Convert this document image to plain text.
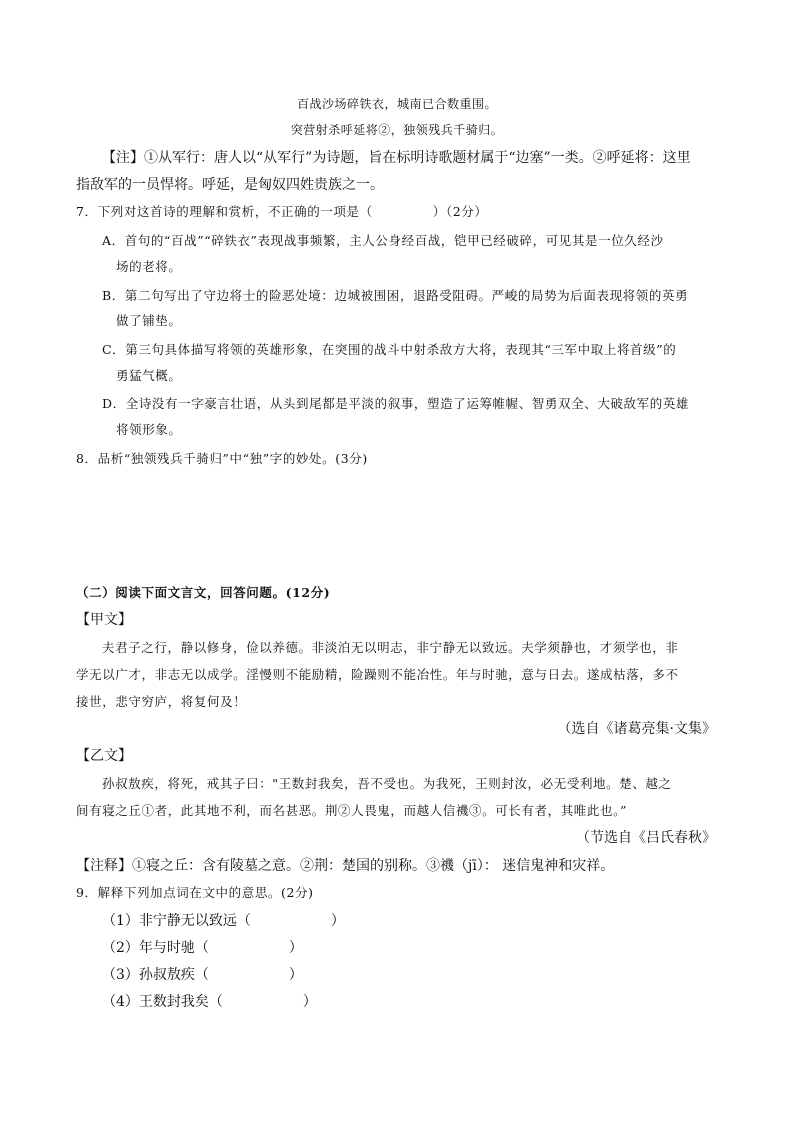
百战沙场碎铁衣，城南已合数重围。
突营射杀呼延将②，独领残兵千骑归。
【注】①从军行：唐人以“从军行”为诗题，旨在标明诗歌题材属于“边塞”一类。②呼延将：这里
指敌军的一员悍将。呼延，是匈奴四姓贵族之一。
7．下列对这首诗的理解和赏析，不正确的一项是（	）（2分）
A．首句的“百战”“碎铁衣”表现战事频繁，主人公身经百战，铠甲已经破碎，可见其是一位久经沙
场的老将。
B．第二句写出了守边将士的险恶处境：边城被围困，退路受阻碍。严峻的局势为后面表现将领的英勇
做了铺垫。
C．第三句具体描写将领的英雄形象，在突围的战斗中射杀敌方大将，表现其“三军中取上将首级”的
勇猛气概。
D．全诗没有一字豪言壮语，从头到尾都是平淡的叙事，塑造了运筹帷幄、智勇双全、大破敌军的英雄
将领形象。
8．品析“独领残兵千骑归”中“独”字的妙处。(3分)
（二）阅读下面文言文，回答问题。(12分)
【甲文】
夫君子之行，静以修身，俭以养德。非淡泊无以明志，非宁静无以致远。夫学须静也，才须学也，非
学无以广才，非志无以成学。淫慢则不能励精，险躁则不能冶性。年与时驰，意与日去。遂成枯落，多不
接世，悲守穷庐，将复何及！
（选自《诸葛亮集·文集》
【乙文】
孙叔敖疾，将死，戒其子曰："王数封我矣，吾不受也。为我死，王则封汝，必无受利地。楚、越之
间有寝之丘①者，此其地不利，而名甚恶。荆②人畏鬼，而越人信禨③。可长有者，其唯此也。”
（节选自《吕氏春秋》
【注释】①寝之丘：含有陵墓之意。②荆：楚国的别称。③禨（jī）： 迷信鬼神和灾祥。
9．解释下列加点词在文中的意思。(2分)
（1）非宁静无以致远（	）
（2）年与时驰（	）
（3）孙叔敖疾（	）
（4）王数封我矣（	）
